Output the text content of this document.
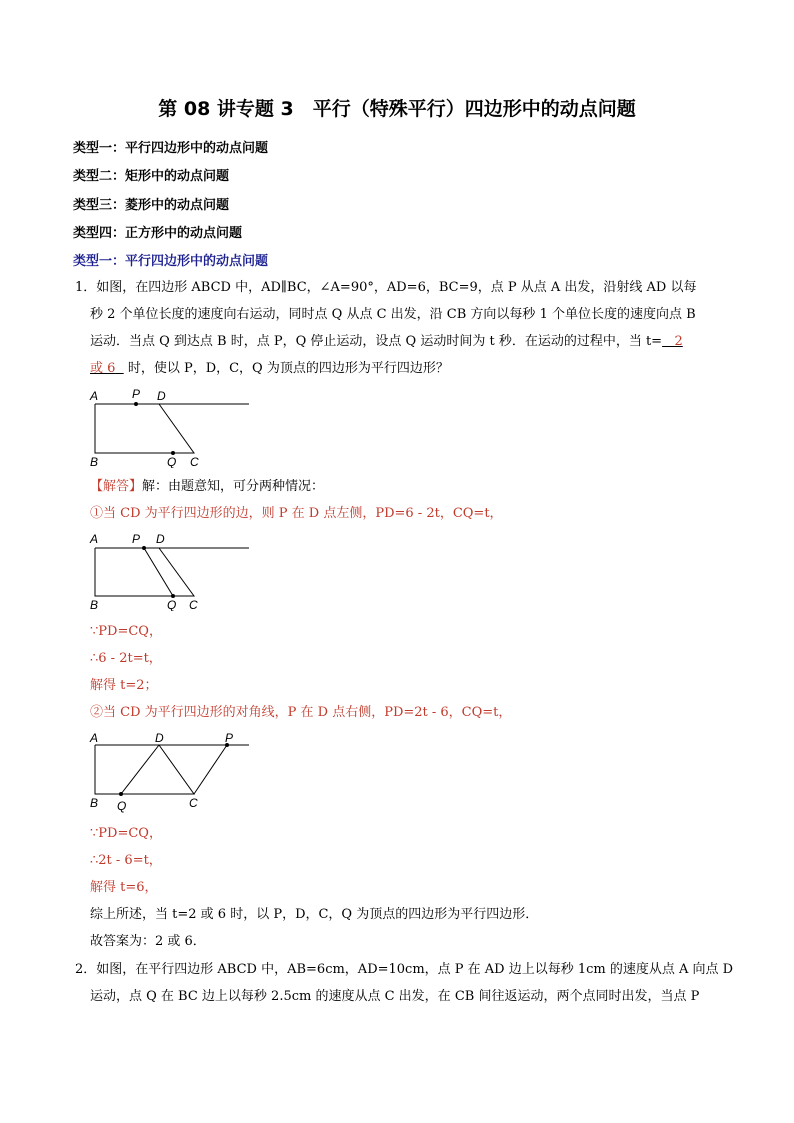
第 08 讲专题 3　平行（特殊平行）四边形中的动点问题
类型一：平行四边形中的动点问题
类型二：矩形中的动点问题
类型三：菱形中的动点问题
类型四：正方形中的动点问题
类型一：平行四边形中的动点问题
1．如图，在四边形 ABCD 中，AD∥BC，∠A=90°，AD=6，BC=9，点 P 从点 A 出发，沿射线 AD 以每
秒 2 个单位长度的速度向右运动，同时点 Q 从点 C 出发，沿 CB 方向以每秒 1 个单位长度的速度向点 B
运动．当点 Q 到达点 B 时，点 P，Q 停止运动，设点 Q 运动时间为 t 秒．在运动的过程中，当 t= 2
或 6 时，使以 P，D，C，Q 为顶点的四边形为平行四边形？
A	P D
B	Q C
【解答】解：由题意知，可分两种情况：
①当 CD 为平行四边形的边，则 P 在 D 点左侧，PD=6 - 2t，CQ=t，
A	P D
B	Q C
∵PD=CQ，
∴6 - 2t=t，
解得 t=2；
②当 CD 为平行四边形的对角线，P 在 D 点右侧，PD=2t - 6，CQ=t，
A	D	P
B Q	C
∵PD=CQ，
∴2t - 6=t，
解得 t=6，
综上所述，当 t=2 或 6 时，以 P，D，C，Q 为顶点的四边形为平行四边形．
故答案为：2 或 6．
2．如图，在平行四边形 ABCD 中，AB=6cm，AD=10cm，点 P 在 AD 边上以每秒 1cm 的速度从点 A 向点 D
运动，点 Q 在 BC 边上以每秒 2.5cm 的速度从点 C 出发，在 CB 间往返运动，两个点同时出发，当点 P
